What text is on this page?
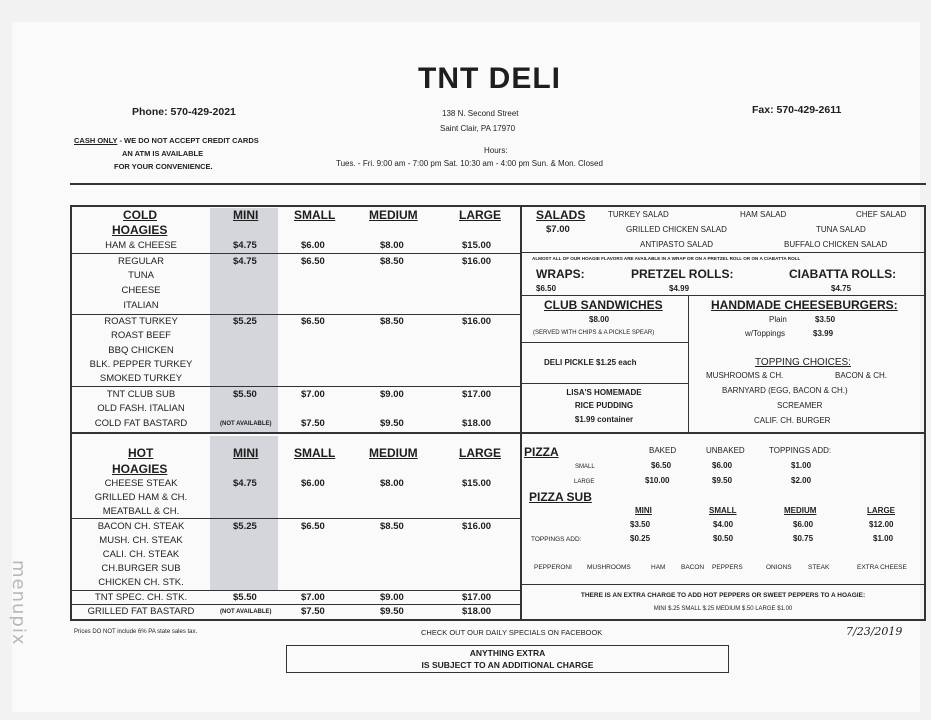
TNT DELI
Phone: 570-429-2021	Fax: 570-429-2611
138 N. Second Street
Saint Clair, PA 17970
CASH ONLY - WE DO NOT ACCEPT CREDIT CARDS
AN ATM IS AVAILABLE
FOR YOUR CONVENIENCE.
Hours:
Tues. - Fri. 9:00 am - 7:00 pm Sat. 10:30 am - 4:00 pm Sun. & Mon. Closed
COLD
HOAGIES
MINI	SMALL	MEDIUM	LARGE
HAM & CHEESE	$4.75	$6.00	$8.00	$15.00
REGULAR
TUNA
CHEESE
ITALIAN
$4.75	$6.50	$8.50	$16.00
ROAST TURKEY
ROAST BEEF
BBQ CHICKEN
BLK. PEPPER TURKEY
SMOKED TURKEY
$5.25	$6.50	$8.50	$16.00
TNT CLUB SUB
OLD FASH. ITALIAN
$5.50	$7.00	$9.00	$17.00
COLD FAT BASTARD	(NOT AVAILABLE)	$7.50	$9.50	$18.00
HOT
HOAGIES
MINI	SMALL	MEDIUM	LARGE
CHEESE STEAK
GRILLED HAM & CH.
MEATBALL & CH.
$4.75	$6.00	$8.00	$15.00
BACON CH. STEAK
MUSH. CH. STEAK
CALI. CH. STEAK
CH.BURGER SUB
CHICKEN CH. STK.
$5.25	$6.50	$8.50	$16.00
TNT SPEC. CH. STK.	$5.50	$7.00	$9.00	$17.00
GRILLED FAT BASTARD	(NOT AVAILABLE)	$7.50	$9.50	$18.00
SALADS
$7.00
TURKEY SALAD	HAM SALAD	CHEF SALAD
GRILLED CHICKEN SALAD	TUNA SALAD
ANTIPASTO SALAD	BUFFALO CHICKEN SALAD
ALMOST ALL OF OUR HOAGIE FLAVORS ARE AVAILABLE IN A WRAP OR ON A PRETZEL ROLL OR ON A CIABATTA ROLL
WRAPS:	PRETZEL ROLLS:	CIABATTA ROLLS:
$6.50	$4.99	$4.75
CLUB SANDWICHES
$8.00
(SERVED WITH CHIPS & A PICKLE SPEAR)
DELI PICKLE $1.25 each
LISA'S HOMEMADE
RICE PUDDING
$1.99 container
HANDMADE CHEESEBURGERS:
Plain	$3.50
w/Toppings	$3.99
TOPPING CHOICES:
MUSHROOMS & CH.	BACON & CH.
BARNYARD (EGG, BACON & CH.)
SCREAMER
CALIF. CH. BURGER
PIZZA	BAKED	UNBAKED	TOPPINGS ADD:
SMALL	$6.50	$6.00	$1.00
LARGE	$10.00	$9.50	$2.00
PIZZA SUB
MINI	SMALL	MEDIUM	LARGE
$3.50	$4.00	$6.00	$12.00
TOPPINGS ADD:	$0.25	$0.50	$0.75	$1.00
PEPPERONI MUSHROOMS	HAM BACON PEPPERS	ONIONS	STEAK	EXTRA CHEESE
THERE IS AN EXTRA CHARGE TO ADD HOT PEPPERS OR SWEET PEPPERS TO A HOAGIE:
MINI $.25 SMALL $.25 MEDIUM $.50 LARGE $1.00
Prices DO NOT include 6% PA state sales tax.	CHECK OUT OUR DAILY SPECIALS ON FACEBOOK	7/23/2019
ANYTHING EXTRA
IS SUBJECT TO AN ADDITIONAL CHARGE
menupix
